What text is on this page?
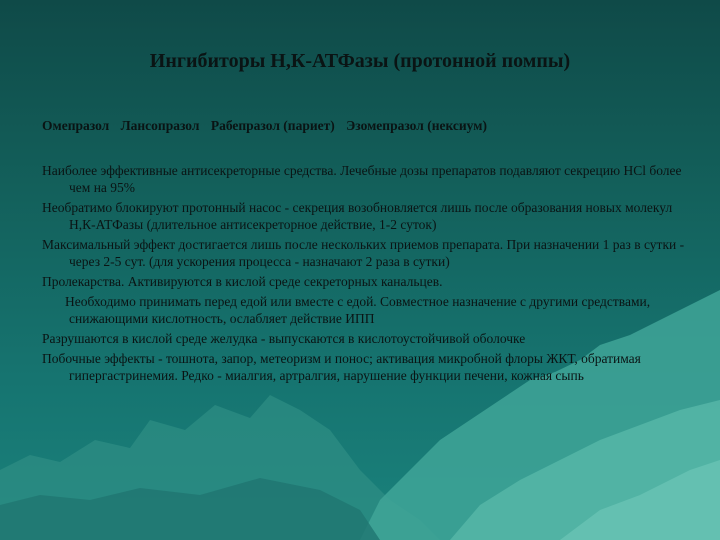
Ингибиторы Н,К-АТФазы (протонной помпы)
Омепразол Лансопразол Рабепразол (париет) Эзомепразол (нексиум)

Наиболее эффективные антисекреторные средства. Лечебные дозы препаратов подавляют секрецию НСl более чем на 95%

Необратимо блокируют протонный насос - секреция возобновляется лишь после образования новых молекул Н,К-АТФазы (длительное антисекреторное действие, 1-2 суток)

Максимальный эффект достигается лишь после нескольких приемов препарата. При назначении 1 раз в сутки - через 2-5 сут. (для ускорения процесса - назначают 2 раза в сутки)

Пролекарства. Активируются в кислой среде секреторных канальцев.

Необходимо принимать перед едой или вместе с едой. Совместное назначение с другими средствами, снижающими кислотность, ослабляет действие ИПП

Разрушаются в кислой среде желудка - выпускаются в кислотоустойчивой оболочке

Побочные эффекты - тошнота, запор, метеоризм и понос; активация микробной флоры ЖКТ, обратимая гипергастринемия. Редко - миалгия, артралгия, нарушение функции печени, кожная сыпь
